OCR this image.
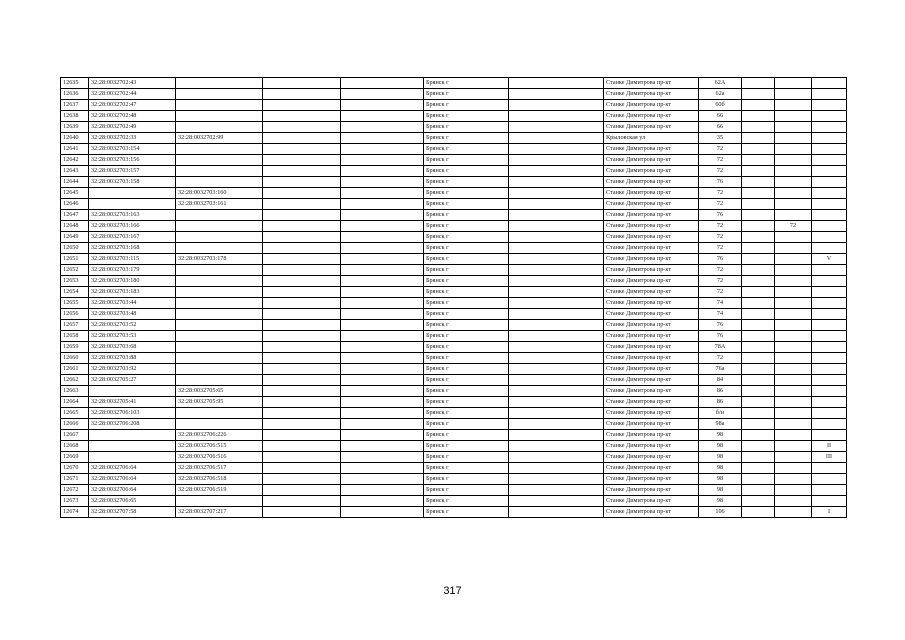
12635	32:28:0032702:43				Брянск г		Станке Димитрова пр-кт	62А			
12636	32:28:0032702:44				Брянск г		Станке Димитрова пр-кт	62а			
12637	32:28:0032702:47				Брянск г		Станке Димитрова пр-кт	60б			
12638	32:28:0032702:48				Брянск г		Станке Димитрова пр-кт	66			
12639	32:28:0032702:49				Брянск г		Станке Димитрова пр-кт	66			
12640	32:28:0032702:33	32:28:0032702:99			Брянск г		Крыловская ул	35			
12641	32:28:0032703:154				Брянск г		Станке Димитрова пр-кт	72			
12642	32:28:0032703:156				Брянск г		Станке Димитрова пр-кт	72			
12643	32:28:0032703:157				Брянск г		Станке Димитрова пр-кт	72			
12644	32:28:0032703:158				Брянск г		Станке Димитрова пр-кт	76			
12645		32:28:0032703:160			Брянск г		Станке Димитрова пр-кт	72			
12646		32:28:0032703:161			Брянск г		Станке Димитрова пр-кт	72			
12647	32:28:0032703:163				Брянск г		Станке Димитрова пр-кт	76			
12648	32:28:0032703:166				Брянск г		Станке Димитрова пр-кт	72		72	
12649	32:28:0032703:167				Брянск г		Станке Димитрова пр-кт	72			
12650	32:28:0032703:168				Брянск г		Станке Димитрова пр-кт	72			
12651	32:28:0032703:115	32:28:0032703:178			Брянск г		Станке Димитрова пр-кт	76			V
12652	32:28:0032703:179				Брянск г		Станке Димитрова пр-кт	72			
12653	32:28:0032703:180				Брянск г		Станке Димитрова пр-кт	72			
12654	32:28:0032703:183				Брянск г		Станке Димитрова пр-кт	72			
12655	32:28:0032703:44				Брянск г		Станке Димитрова пр-кт	74			
12656	32:28:0032703:48				Брянск г		Станке Димитрова пр-кт	74			
12657	32:28:0032703:52				Брянск г		Станке Димитрова пр-кт	76			
12658	32:28:0032703:53				Брянск г		Станке Димитрова пр-кт	76			
12659	32:28:0032703:68				Брянск г		Станке Димитрова пр-кт	78А			
12660	32:28:0032703:88				Брянск г		Станке Димитрова пр-кт	72			
12661	32:28:0032703:92				Брянск г		Станке Димитрова пр-кт	76а			
12662	32:28:0032705:27				Брянск г		Станке Димитрова пр-кт	84			
12663		32:28:0032705:65			Брянск г		Станке Димитрова пр-кт	86			
12664	32:28:0032705:41	32:28:0032705:95			Брянск г		Станке Димитрова пр-кт	86			
12665	32:28:0032706:103				Брянск г		Станке Димитрова пр-кт	б/н			
12666	32:28:0032706:208				Брянск г		Станке Димитрова пр-кт	98а			
12667		32:28:0032706:226			Брянск г		Станке Димитрова пр-кт	98			
12668		32:28:0032706:515			Брянск г		Станке Димитрова пр-кт	98			II
12669		32:28:0032706:516			Брянск г		Станке Димитрова пр-кт	98			III
12670	32:28:0032706:64	32:28:0032706:517			Брянск г		Станке Димитрова пр-кт	98			
12671	32:28:0032706:64	32:28:0032706:518			Брянск г		Станке Димитрова пр-кт	98			
12672	32:28:0032706:64	32:28:0032706:519			Брянск г		Станке Димитрова пр-кт	98			
12673	32:28:0032706:65				Брянск г		Станке Димитрова пр-кт	98			
12674	32:28:0032707:58	32:28:0032707:217			Брянск г		Станке Димитрова пр-кт	106			I
317
